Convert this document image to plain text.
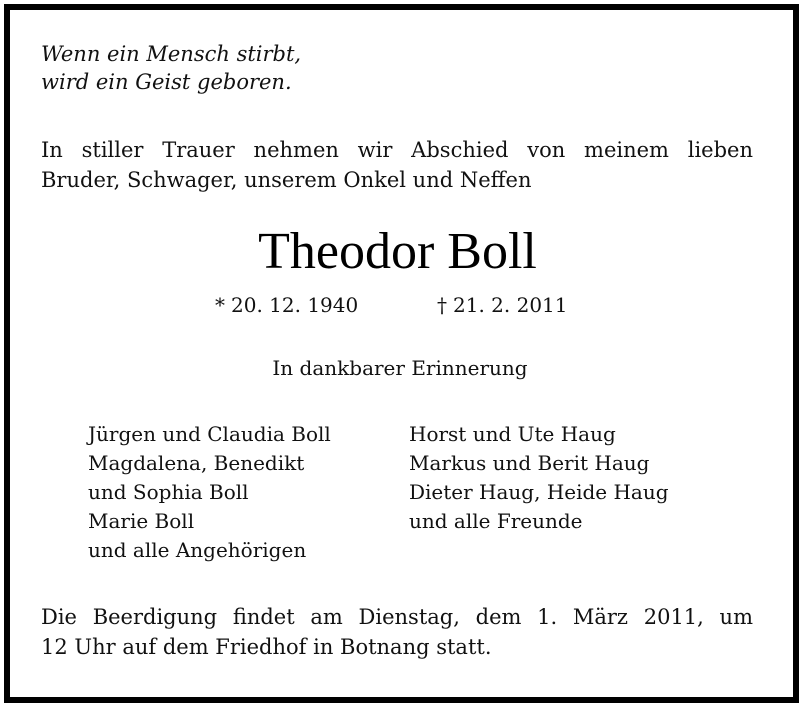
Wenn ein Mensch stirbt,
wird ein Geist geboren.
In stiller Trauer nehmen wir Abschied von meinem lieben
Bruder, Schwager, unserem Onkel und Neffen
Theodor Boll
* 20. 12. 1940	† 21. 2. 2011
In dankbarer Erinnerung
Jürgen und Claudia Boll
Magdalena, Benedikt
und Sophia Boll
Marie Boll
und alle Angehörigen
Horst und Ute Haug
Markus und Berit Haug
Dieter Haug, Heide Haug
und alle Freunde
Die Beerdigung findet am Dienstag, dem 1. März 2011, um
12 Uhr auf dem Friedhof in Botnang statt.
